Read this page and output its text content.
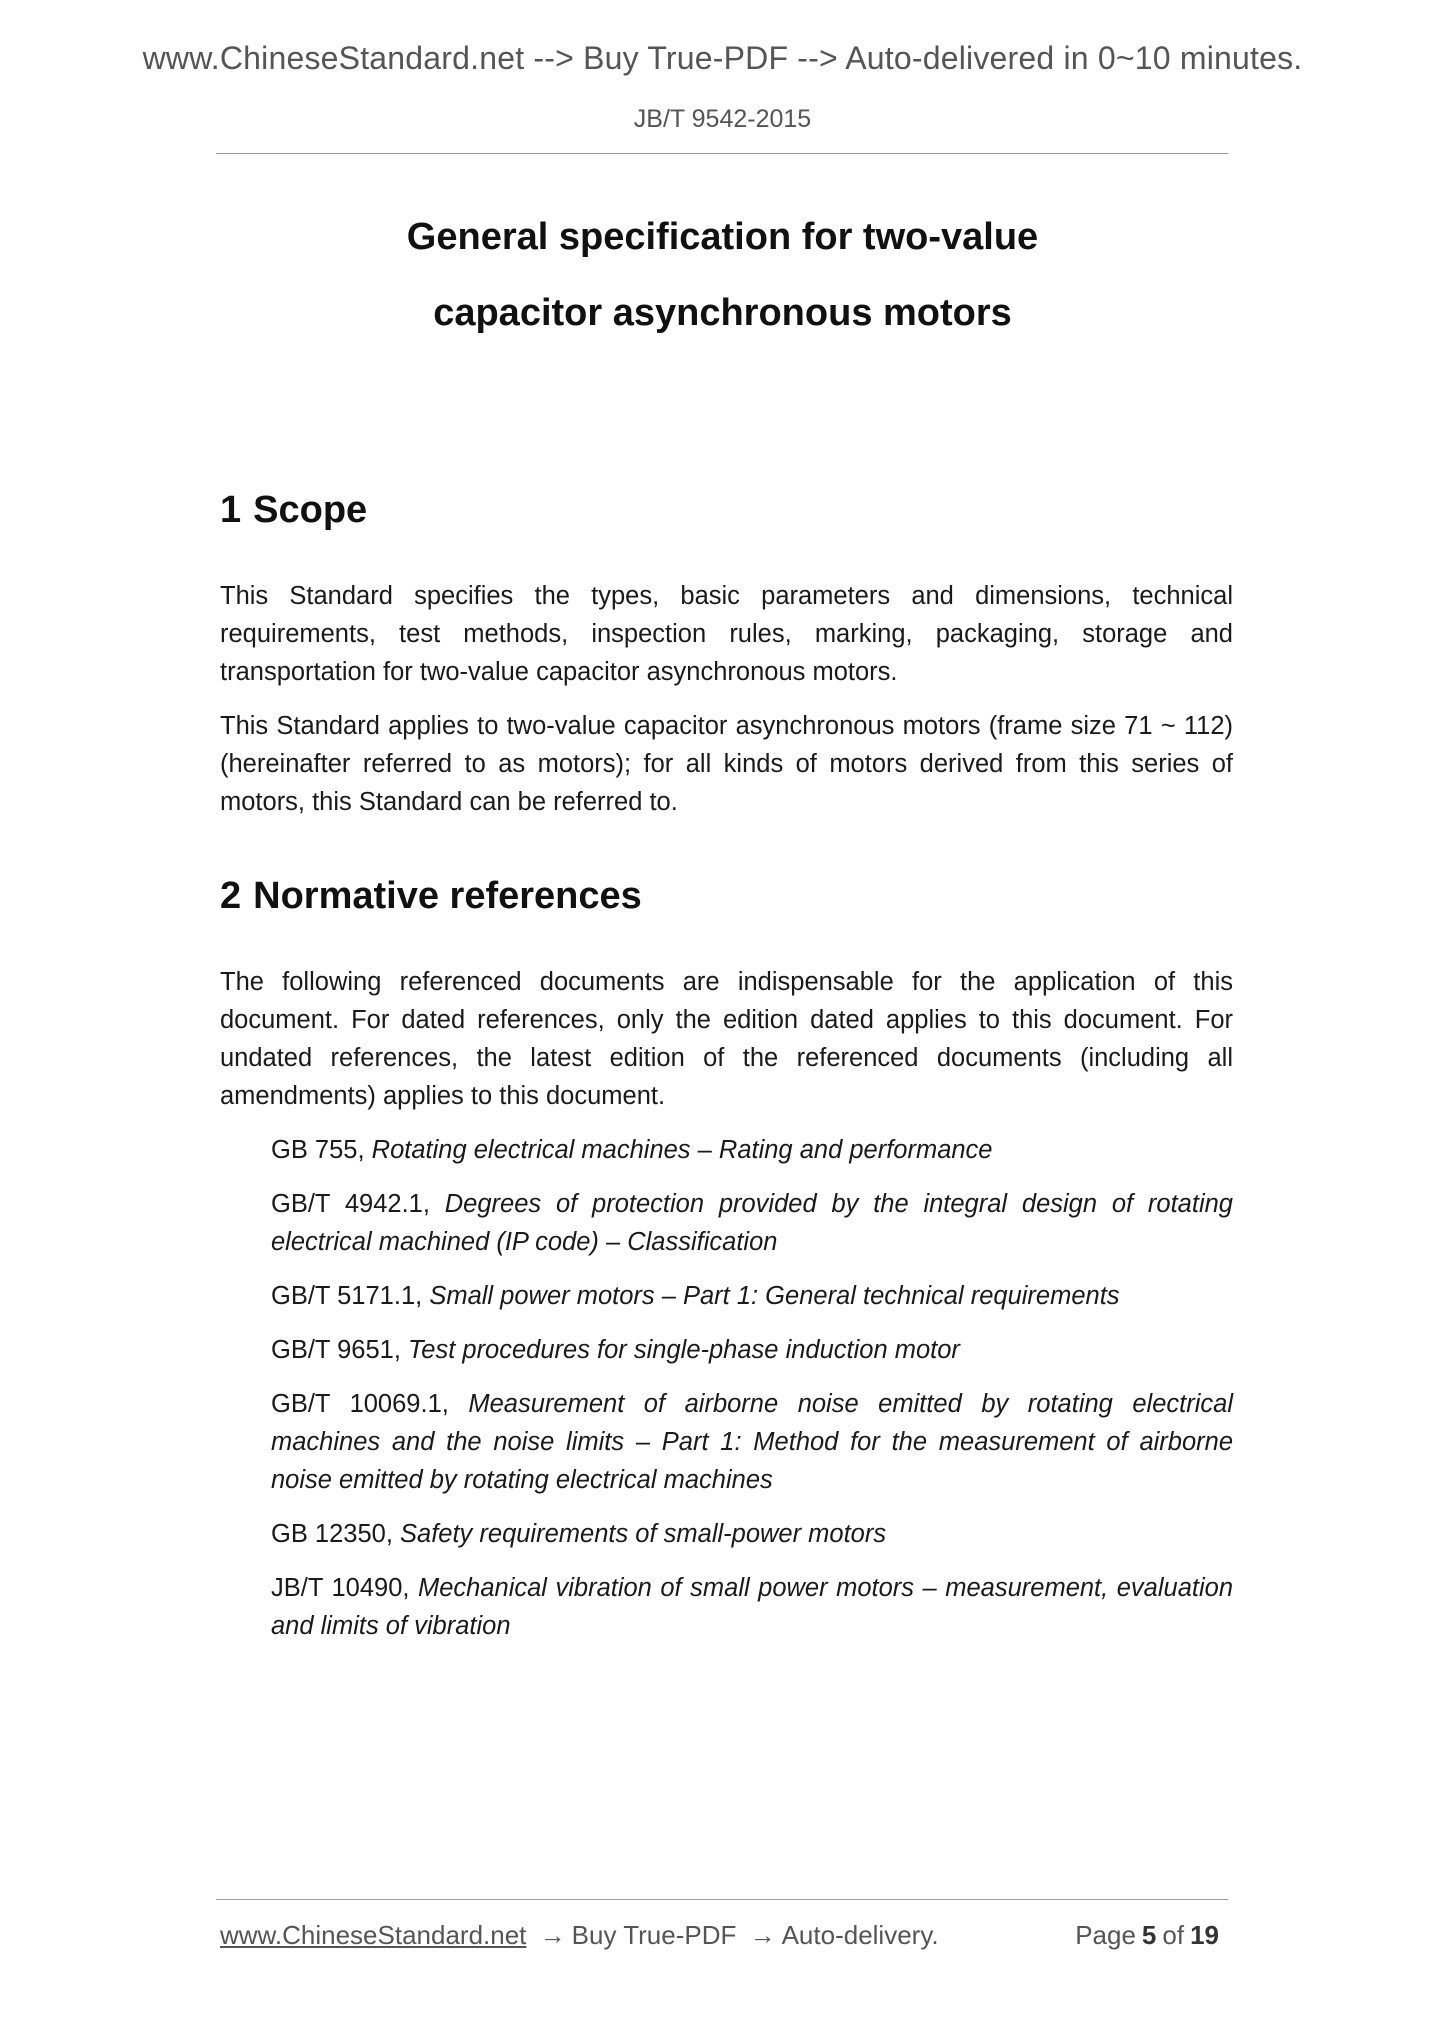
www.ChineseStandard.net --> Buy True-PDF --> Auto-delivered in 0~10 minutes.
JB/T 9542-2015
General specification for two-value
capacitor asynchronous motors
1 Scope

This Standard specifies the types, basic parameters and dimensions, technical requirements, test methods, inspection rules, marking, packaging, storage and transportation for two-value capacitor asynchronous motors.

This Standard applies to two-value capacitor asynchronous motors (frame size 71 ~ 112) (hereinafter referred to as motors); for all kinds of motors derived from this series of motors, this Standard can be referred to.

2 Normative references

The following referenced documents are indispensable for the application of this document. For dated references, only the edition dated applies to this document. For undated references, the latest edition of the referenced documents (including all amendments) applies to this document.

GB 755, Rotating electrical machines – Rating and performance

GB/T 4942.1, Degrees of protection provided by the integral design of rotating electrical machined (IP code) – Classification

GB/T 5171.1, Small power motors – Part 1: General technical requirements

GB/T 9651, Test procedures for single-phase induction motor

GB/T 10069.1, Measurement of airborne noise emitted by rotating electrical machines and the noise limits – Part 1: Method for the measurement of airborne noise emitted by rotating electrical machines

GB 12350, Safety requirements of small-power motors

JB/T 10490, Mechanical vibration of small power motors – measurement, evaluation and limits of vibration

www.ChineseStandard.net → Buy True-PDF → Auto-delivery.	Page 5 of 19
